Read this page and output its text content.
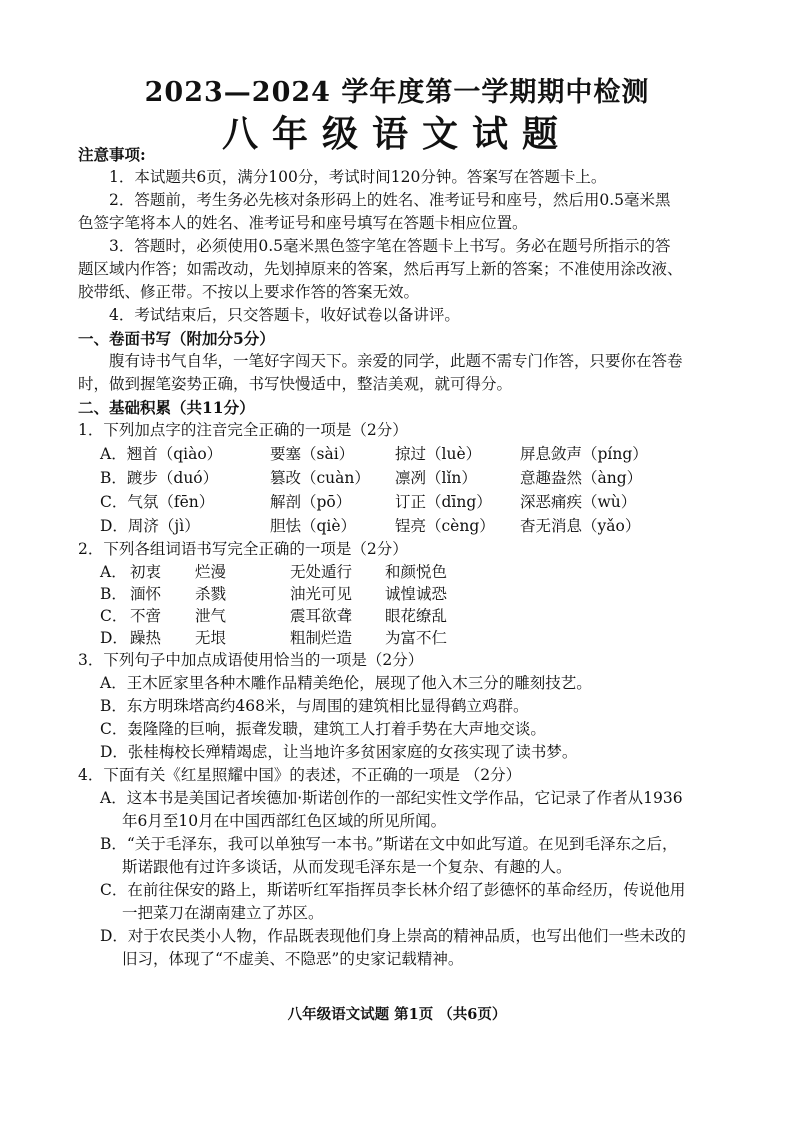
2023—2024 学年度第一学期期中检测
八年级语文试题
注意事项:
1．本试题共6页，满分100分，考试时间120分钟。答案写在答题卡上。
2．答题前，考生务必先核对条形码上的姓名、准考证号和座号，然后用0.5毫米黑
色签字笔将本人的姓名、准考证号和座号填写在答题卡相应位置。
3．答题时，必须使用0.5毫米黑色签字笔在答题卡上书写。务必在题号所指示的答
题区域内作答；如需改动，先划掉原来的答案，然后再写上新的答案；不准使用涂改液、
胶带纸、修正带。不按以上要求作答的答案无效。
4．考试结束后，只交答题卡，收好试卷以备讲评。
一、卷面书写（附加分5分）
腹有诗书气自华，一笔好字闯天下。亲爱的同学，此题不需专门作答，只要你在答卷
时，做到握笔姿势正确，书写快慢适中，整洁美观，就可得分。
二、基础积累（共11分）
1．下列加点字的注音完全正确的一项是（2分）
A．翘首（qiào）	要塞（sài）	掠过（luè）	屏息敛声（píng）
B．踱步（duó）	篡改（cuàn）	凛冽（lǐn）	意趣盎然（àng）
C．气氛（fēn）	解剖（pō）	订正（dīng）	深恶痛疾（wù）
D．周济（jì）	胆怯（qiè）	锃亮（cèng）	杳无消息（yǎo）
2．下列各组词语书写完全正确的一项是（2分）
A． 初衷	烂漫	无处遁行	和颜悦色
B． 湎怀	杀戮	油光可见	诚惶诚恐
C． 不啻	泄气	震耳欲聋	眼花缭乱
D． 躁热	无垠	粗制烂造	为富不仁
3．下列句子中加点成语使用恰当的一项是（2分）
A．王木匠家里各种木雕作品精美绝伦，展现了他入木三分的雕刻技艺。
B．东方明珠塔高约468米，与周围的建筑相比显得鹤立鸡群。
C．轰隆隆的巨响，振聋发聩，建筑工人打着手势在大声地交谈。
D．张桂梅校长殚精竭虑，让当地许多贫困家庭的女孩实现了读书梦。
4．下面有关《红星照耀中国》的表述，不正确的一项是 （2分）
A．这本书是美国记者埃德加·斯诺创作的一部纪实性文学作品，它记录了作者从1936
年6月至10月在中国西部红色区域的所见所闻。
B．“关于毛泽东，我可以单独写一本书。”斯诺在文中如此写道。在见到毛泽东之后，
斯诺跟他有过许多谈话，从而发现毛泽东是一个复杂、有趣的人。
C．在前往保安的路上，斯诺听红军指挥员李长林介绍了彭德怀的革命经历，传说他用
一把菜刀在湖南建立了苏区。
D．对于农民类小人物，作品既表现他们身上崇高的精神品质，也写出他们一些未改的
旧习，体现了“不虚美、不隐恶”的史家记载精神。
八年级语文试题 第1页 （共6页）
